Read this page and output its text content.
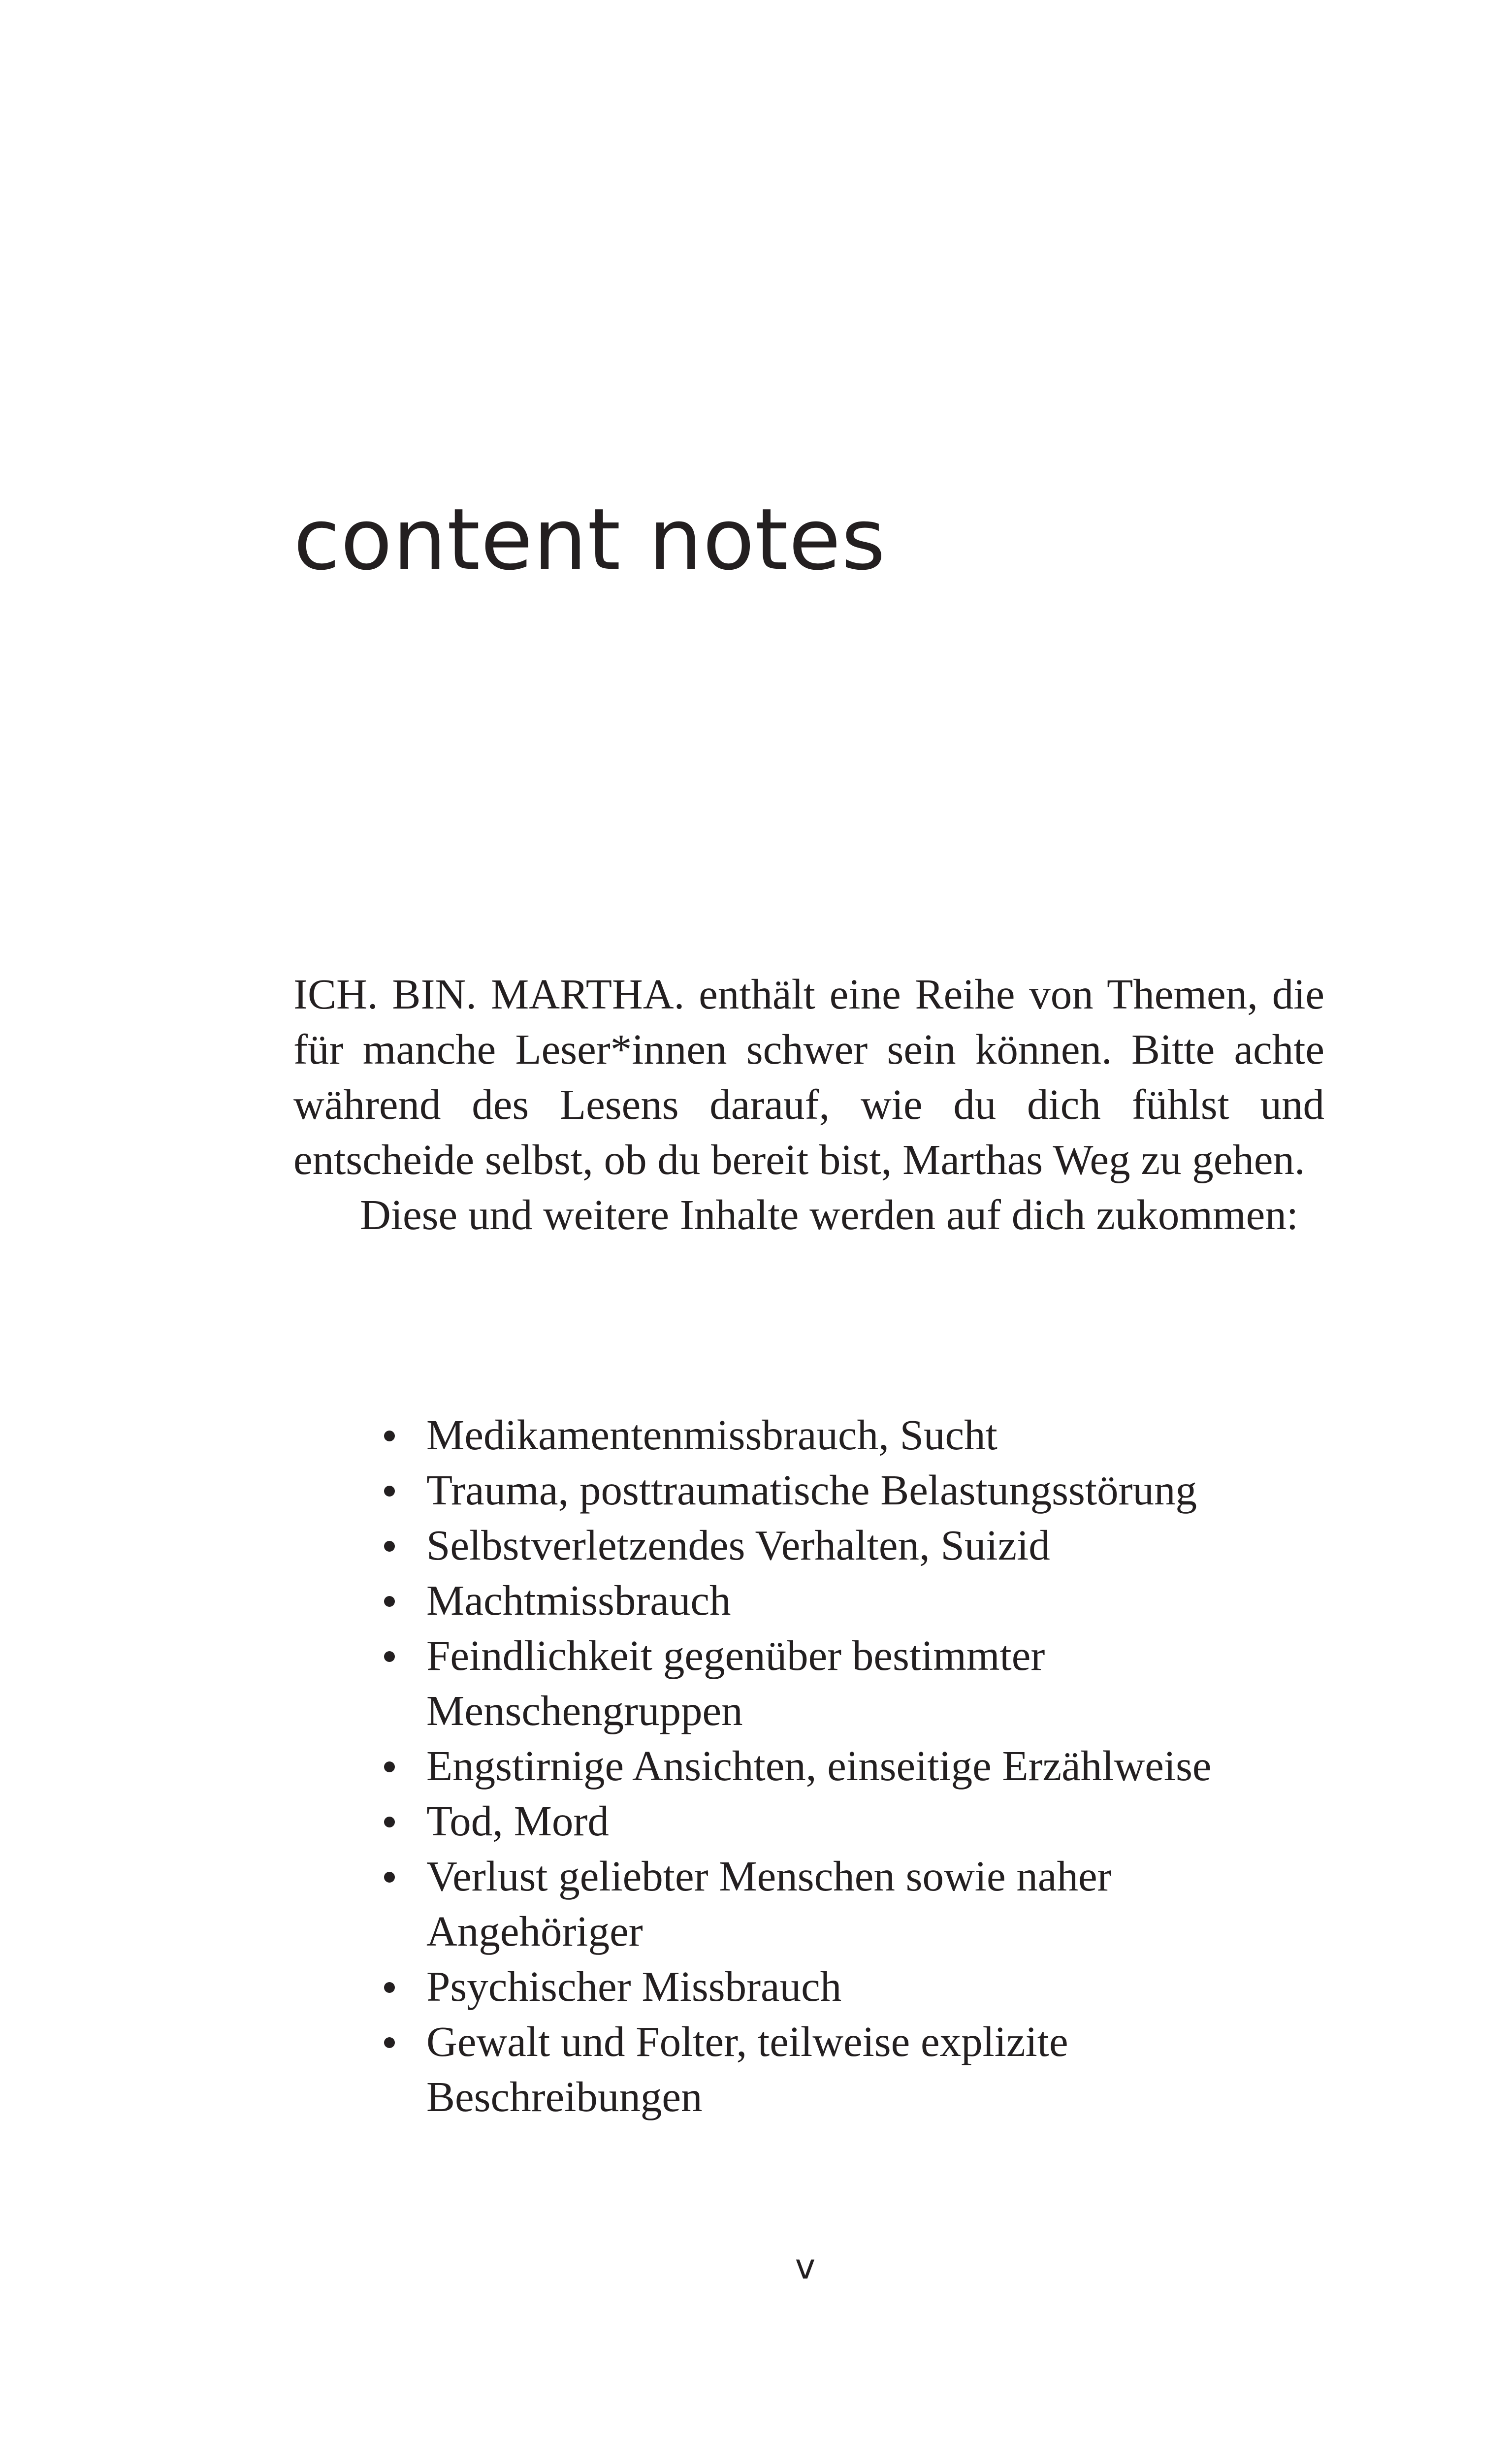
content notes

ICH. BIN. MARTHA. enthält eine Reihe von Themen, die für manche Leser*innen schwer sein können. Bitte achte während des Lesens darauf, wie du dich fühlst und entscheide selbst, ob du bereit bist, Marthas Weg zu gehen.

Diese und weitere Inhalte werden auf dich zukommen:

Medikamentenmissbrauch, Sucht
Trauma, posttraumatische Belastungsstörung
Selbstverletzendes Verhalten, Suizid
Machtmissbrauch
Feindlichkeit gegenüber bestimmter Menschengruppen
Engstirnige Ansichten, einseitige Erzählweise
Tod, Mord
Verlust geliebter Menschen sowie naher Angehöriger
Psychischer Missbrauch
Gewalt und Folter, teilweise explizite Beschreibungen
v
